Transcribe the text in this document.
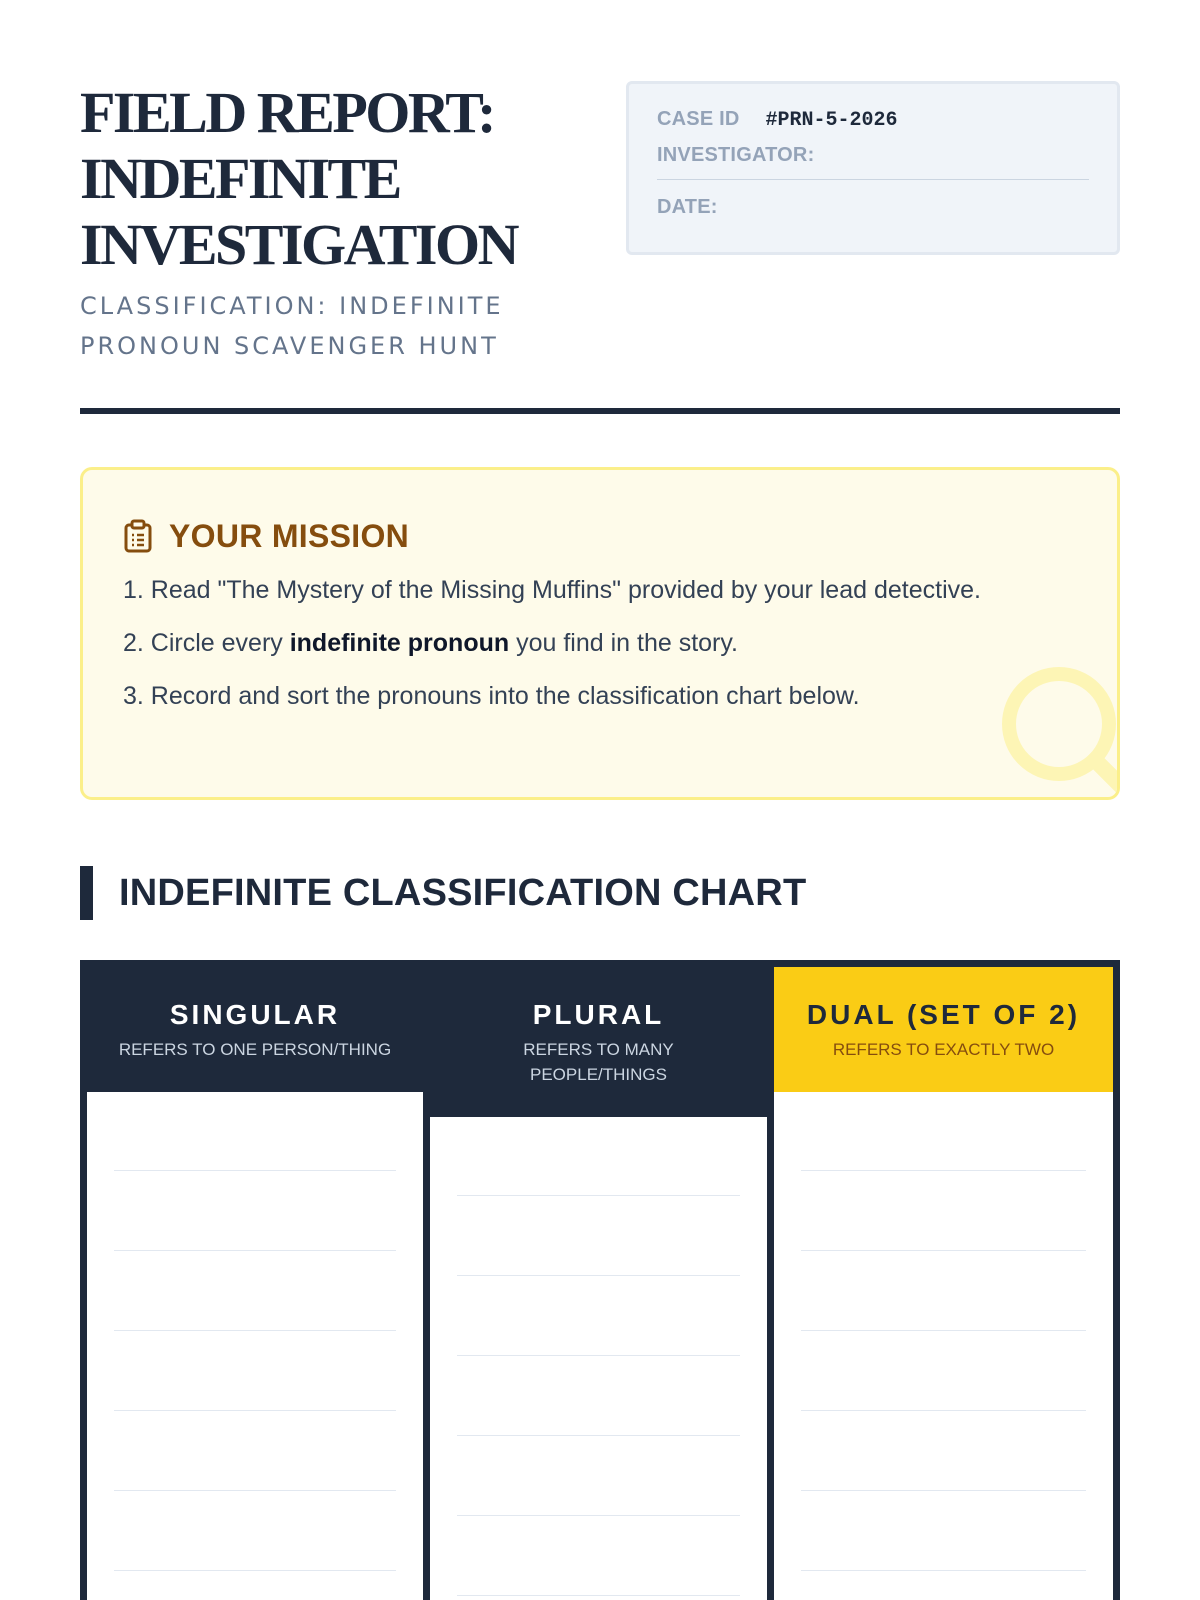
FIELD REPORT: INDEFINITE INVESTIGATION
CLASSIFICATION: INDEFINITE PRONOUN SCAVENGER HUNT
CASE ID #PRN-5-2026
INVESTIGATOR:
DATE:
YOUR MISSION

1. Read "The Mystery of the Missing Muffins" provided by your lead detective.

2. Circle every indefinite pronoun you find in the story.

3. Record and sort the pronouns into the classification chart below.

INDEFINITE CLASSIFICATION CHART
SINGULAR
REFERS TO ONE PERSON/THING
PLURAL
REFERS TO MANY PEOPLE/THINGS
DUAL (SET OF 2)
REFERS TO EXACTLY TWO
